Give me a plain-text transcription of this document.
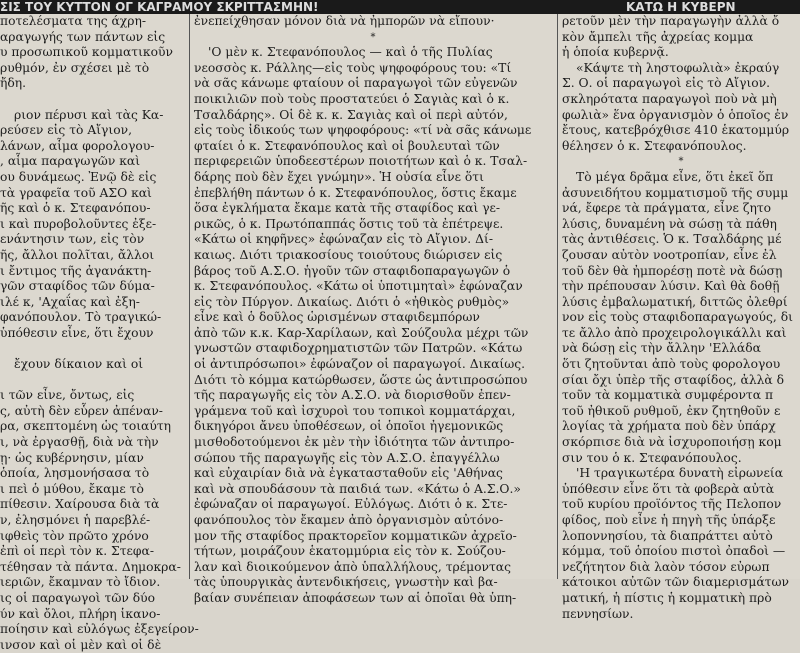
ΣΙΣ ΤΟΥ ΚΥΤΤΟΝ ΟΓ ΚΑΓΡΑΜΟΥ ΣΚΡΙΤΤΑΣΜΗΝ!	ΚΑΤΩ Η ΚΥΒΕΡΝ

ποτελέσματα της άχρη-

αραγωγής των πάντων εἰς

υ προσωπικοῦ κομματικοῦν

ρυθμόν, ἐν σχέσει μὲ τὸ

ἤδη.

ριον πέρυσι καὶ τὰς Κα-

ρεύσεν εἰς τὸ Αἴγιον,

λάνων, αἷμα φορολογου-

, αἷμα παραγωγῶν καὶ

ου δυνάμεως. Ἐνῷ δὲ εἰς

τὰ γραφεῖα τοῦ ΑΣΟ καὶ

ῆς καὶ ὁ κ. Στεφανόπου-

ι καὶ πυροβολοῦντες ἐξε-

ενάντησιν των, εἰς τὸν

ῆς, ἄλλοι πολῖται, ἄλλοι

ι ἔντιμος τῆς ἀγανάκτη-

γῶν σταφίδος τῶν δύμα-

ιλέ κ, 'Αχαΐας καὶ ἐξη-

φανόπουλον. Τὸ τραγικώ-

ὑπόθεσιν εἶνε, ὅτι ἔχουν

ἔχουν δίκαιον καὶ οἱ

ι τῶν εἶνε, ὄντως, εἰς

ς, αὐτὴ δὲν εὗρεν ἀπέναν-

ρα, σκεπτομένη ὡς τοιαύτη

ι, νὰ ἐργασθῇ, διὰ νὰ τὴν

ῃ· ὡς κυβέρνησιν, μίαν

ὁποία, λησμονήσασα τὸ

ι πεὶ ὁ μύθου, ἔκαμε τὸ

πίθεσιν. Χαίρουσα διὰ τὰ

ν, ἐλησμόνει ἡ παρεβλέ-

ιφθεὶς τὸν πρῶτο χρόνο

ἐπὶ οἱ περὶ τὸν κ. Στεφα-

τέθησαν τὰ πάντα. Δημοκρα-

ιεριῶν, ἔκαμναν τὸ ἴδιον.

ις οἱ παραγωγοὶ τῶν δύο

ύν καὶ ὄλοι, πλήρη ἱκανο-

ποίησιν καὶ εὐλόγως ἐξεγείρον-

ινσον καὶ οἱ μὲν καὶ οἱ δὲ

ἐνεπείχθησαν μόνον διὰ νὰ ἠμπορῶν νὰ εἴπουν·

*

'Ο μὲν κ. Στεφανόπουλος — καὶ ὁ τῆς Πυλίας

νεοσσὸς κ. Ράλλης—εἰς τοὺς ψηφοφόρους του: «Τί

νὰ σᾶς κάνωμε φταίουν οἱ παραγωγοὶ τῶν εὐγενῶν

ποικιλιῶν ποὺ τοὺς προστατεύει ὁ Σαγιὰς καὶ ὁ κ.

Τσαλδάρης». Οἱ δὲ κ. κ. Σαγιὰς καὶ οἱ περὶ αὐτόν,

εἰς τοὺς ἰδικούς των ψηφοφόρους: «τί νὰ σᾶς κάνωμε

φταίει ὁ κ. Στεφανόπουλος καὶ οἱ βουλευταὶ τῶν

περιφερειῶν ὑποδεεστέρων ποιοτήτων καὶ ὁ κ. Τσαλ-

δάρης ποὺ δὲν ἔχει γνώμην». Ἡ οὐσία εἶνε ὅτι

ἐπεβλήθη πάντων ὁ κ. Στεφανόπουλος, ὅστις ἔκαμε

ὅσα ἐγκλήματα ἔκαμε κατὰ τῆς σταφίδος καὶ γε-

ρικῶς, ὁ κ. Πρωτόπαππάς ὅστις τοῦ τὰ ἐπέτρεψε.

«Κάτω οἱ κηφῆνες» ἐφώναζαν εἰς τὸ Αἴγιον. Δί-

καιως. Διότι τριακοσίους τοιούτους διώρισεν εἰς

βάρος τοῦ Α.Σ.Ο. ἡγοῦν τῶν σταφιδοπαραγωγῶν ὁ

κ. Στεφανόπουλος. «Κάτω οἱ ὑποτιμηταὶ» ἐφώναζαν

εἰς τὸν Πύργον. Δικαίως. Διότι ὁ «ἠθικὸς ρυθμὸς»

εἶνε καὶ ὁ δοῦλος ὡρισμένων σταφιδεμπόρων

ἀπὸ τῶν κ.κ. Καρ-Χαρίλαων, καὶ Σούζουλα μέχρι τῶν

γνωστῶν σταφιδοχρηματιστῶν τῶν Πατρῶν. «Κάτω

οἱ ἀντιπρόσωποι» ἐφώναζον οἱ παραγωγοί. Δικαίως.

Διότι τὸ κόμμα κατώρθωσεν, ὥστε ὡς ἀντιπροσώπου

τῆς παραγωγῆς εἰς τὸν Α.Σ.Ο. νὰ διορισθοῦν ἐπεν-

γράμενα τοῦ καὶ ἰσχυροὶ του τοπικοὶ κομματάρχαι,

δικηγόροι ἄνευ ὑποθέσεων, οἱ ὁποῖοι ἠγεμονικῶς

μισθοδοτούμενοι ἐκ μὲν τὴν ἰδιότητα τῶν ἀντιπρο-

σώπου τῆς παραγωγῆς εἰς τὸν Α.Σ.Ο. ἐπαγγέλλω

καὶ εὐχαιρίαν διὰ νὰ ἐγκατασταθοῦν εἰς 'Αθήνας

καὶ νὰ σπουδάσουν τὰ παιδιά των. «Κάτω ὁ Α.Σ.Ο.»

ἐφώναζαν οἱ παραγωγοί. Εὐλόγως. Διότι ὁ κ. Στε-

φανόπουλος τὸν ἔκαμεν ἀπὸ ὀργανισμὸν αὐτόνο-

μον τῆς σταφίδος πρακτορεῖον κομματικῶν ἀχρεῖο-

τήτων, μοιράζουν ἑκατομμύρια εἰς τὸν κ. Σούζου-

λαν καὶ διοικούμενον ἀπὸ ὑπαλλήλους, τρέμοντας

τὰς ὑπουργικὰς ἀντενδικήσεις, γνωστὴν καὶ βα-

βαίαν συνέπειαν ἀποφάσεων των αἱ ὁποῖαι θὰ ὑπη-

ρετοῦν μὲν τὴν παραγωγὴν ἀλλὰ ὄ

κὸν ἄμπελι τῆς ἀχρείας κομμα

ἡ ὁποία κυβερνᾷ.

«Κάψτε τὴ ληστοφωλιὰ» ἐκραύγ

Σ. Ο. οἱ παραγωγοὶ εἰς τὸ Αἴγιον.

σκληρότατα παραγωγοὶ ποὺ νὰ μὴ

φωλιὰ» ἕνα ὀργανισμὸν ὁ ὁποῖος ἐν

ἔτους, κατεβρόχθισε 410 ἑκατομμύρ

θέλησεν ὁ κ. Στεφανόπουλος.

*

Τὸ μέγα δρᾶμα εἶνε, ὅτι ἐκεῖ ὅπ

ἀσυνειδήτου κομματισμοῦ τῆς συμμ

νά, ἔφερε τὰ πράγματα, εἶνε ζητο

λύσις, δυναμένη νὰ σώσῃ τὰ πάθη

τὰς ἀντιθέσεις. Ὁ κ. Τσαλδάρης μέ

ζουσαν αὐτὸν νοοτροπίαν, εἶνε ἐλ

τοῦ δὲν θὰ ἠμπορέσῃ ποτὲ νὰ δώσῃ

τὴν πρέπουσαν λύσιν. Καὶ θὰ δοθῇ

λύσις ἐμβαλωματική, διττῶς ὀλεθρί

νον εἰς τοὺς σταφιδοπαραγωγούς, δι

τε ἄλλο ἀπὸ προχειρολογικάλλι καὶ

νὰ δώσῃ εἰς τὴν ἄλλην 'Ελλάδα

ὅτι ζητοῦνται ἀπὸ τοὺς φορολογου

σίαι ὄχι ὑπὲρ τῆς σταφίδος, ἀλλὰ δ

τοῦν τὰ κομματικὰ συμφέροντα π

τοῦ ἠθικοῦ ρυθμοῦ, ἐκν ζητηθοῦν ε

λογίας τὰ χρήματα ποὺ δὲν ὑπάρχ

σκόρπισε διὰ νὰ ἰσχυροποιήσῃ κομ

σιν του ὁ κ. Στεφανόπουλος.

'Η τραγικωτέρα δυνατὴ εἰρωνεία

ὑπόθεσιν εἶνε ὅτι τὰ φοβερὰ αὐτὰ

τοῦ κυρίου προϊόντος τῆς Πελοπον

φίδος, ποὺ εἶνε ἡ πηγὴ τῆς ὑπάρξε

λοποννησίου, τὰ διαπράττει αὐτὸ

κόμμα, τοῦ ὁποίου πιστοὶ ὀπαδοὶ —

νεζήτητον διὰ λαὸν τόσον εὐρωπ

κάτοικοι αὐτῶν τῶν διαμερισμάτων

ματική, ἡ πίστις ἡ κομματικὴ πρὸ

πεννησίων.
